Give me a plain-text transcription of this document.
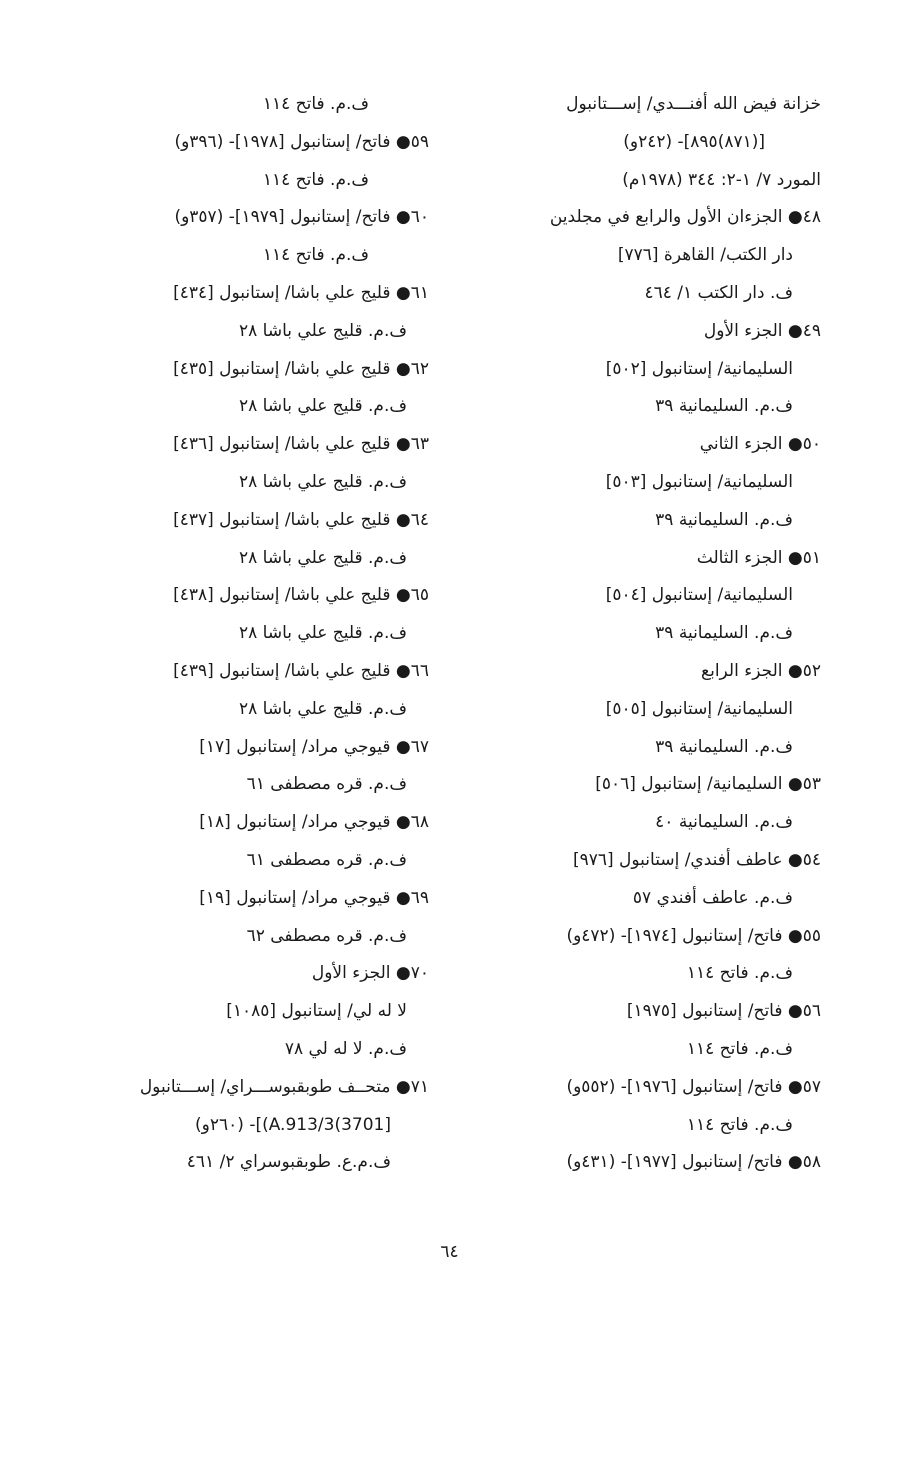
خزانة فيض الله أفنـــدي/ إســـتانبول
[(٨٧١)٨٩٥]- (٢٤٢و)
المورد ٧/ ١-٢: ٣٤٤ (١٩٧٨م)
٤٨● الجزءان الأول والرابع في مجلدين
دار الكتب/ القاهرة [٧٧٦]
ف. دار الكتب ١/ ٤٦٤
٤٩● الجزء الأول
السليمانية/ إستانبول [٥٠٢]
ف.م. السليمانية ٣٩
٥٠● الجزء الثاني
السليمانية/ إستانبول [٥٠٣]
ف.م. السليمانية ٣٩
٥١● الجزء الثالث
السليمانية/ إستانبول [٥٠٤]
ف.م. السليمانية ٣٩
٥٢● الجزء الرابع
السليمانية/ إستانبول [٥٠٥]
ف.م. السليمانية ٣٩
٥٣● السليمانية/ إستانبول [٥٠٦]
ف.م. السليمانية ٤٠
٥٤● عاطف أفندي/ إستانبول [٩٧٦]
ف.م. عاطف أفندي ٥٧
٥٥● فاتح/ إستانبول [١٩٧٤]- (٤٧٢و)
ف.م. فاتح ١١٤
٥٦● فاتح/ إستانبول [١٩٧٥]
ف.م. فاتح ١١٤
٥٧● فاتح/ إستانبول [١٩٧٦]- (٥٥٢و)
ف.م. فاتح ١١٤
٥٨● فاتح/ إستانبول [١٩٧٧]- (٤٣١و)
ف.م. فاتح ١١٤
٥٩● فاتح/ إستانبول [١٩٧٨]- (٣٩٦و)
ف.م. فاتح ١١٤
٦٠● فاتح/ إستانبول [١٩٧٩]- (٣٥٧و)
ف.م. فاتح ١١٤
٦١● قليج علي باشا/ إستانبول [٤٣٤]
ف.م. قليج علي باشا ٢٨
٦٢● قليج علي باشا/ إستانبول [٤٣٥]
ف.م. قليج علي باشا ٢٨
٦٣● قليج علي باشا/ إستانبول [٤٣٦]
ف.م. قليج علي باشا ٢٨
٦٤● قليج علي باشا/ إستانبول [٤٣٧]
ف.م. قليج علي باشا ٢٨
٦٥● قليج علي باشا/ إستانبول [٤٣٨]
ف.م. قليج علي باشا ٢٨
٦٦● قليج علي باشا/ إستانبول [٤٣٩]
ف.م. قليج علي باشا ٢٨
٦٧● قيوجي مراد/ إستانبول [١٧]
ف.م. قره مصطفى ٦١
٦٨● قيوجي مراد/ إستانبول [١٨]
ف.م. قره مصطفى ٦١
٦٩● قيوجي مراد/ إستانبول [١٩]
ف.م. قره مصطفى ٦٢
٧٠● الجزء الأول
لا له لي/ إستانبول [١٠٨٥]
ف.م. لا له لي ٧٨
٧١● متحــف طوبقبوســـراي/ إســـتانبول
[3701)A.913/3)]- (٢٦٠و)
ف.م.ع. طوبقبوسراي ٢/ ٤٦١
٦٤
